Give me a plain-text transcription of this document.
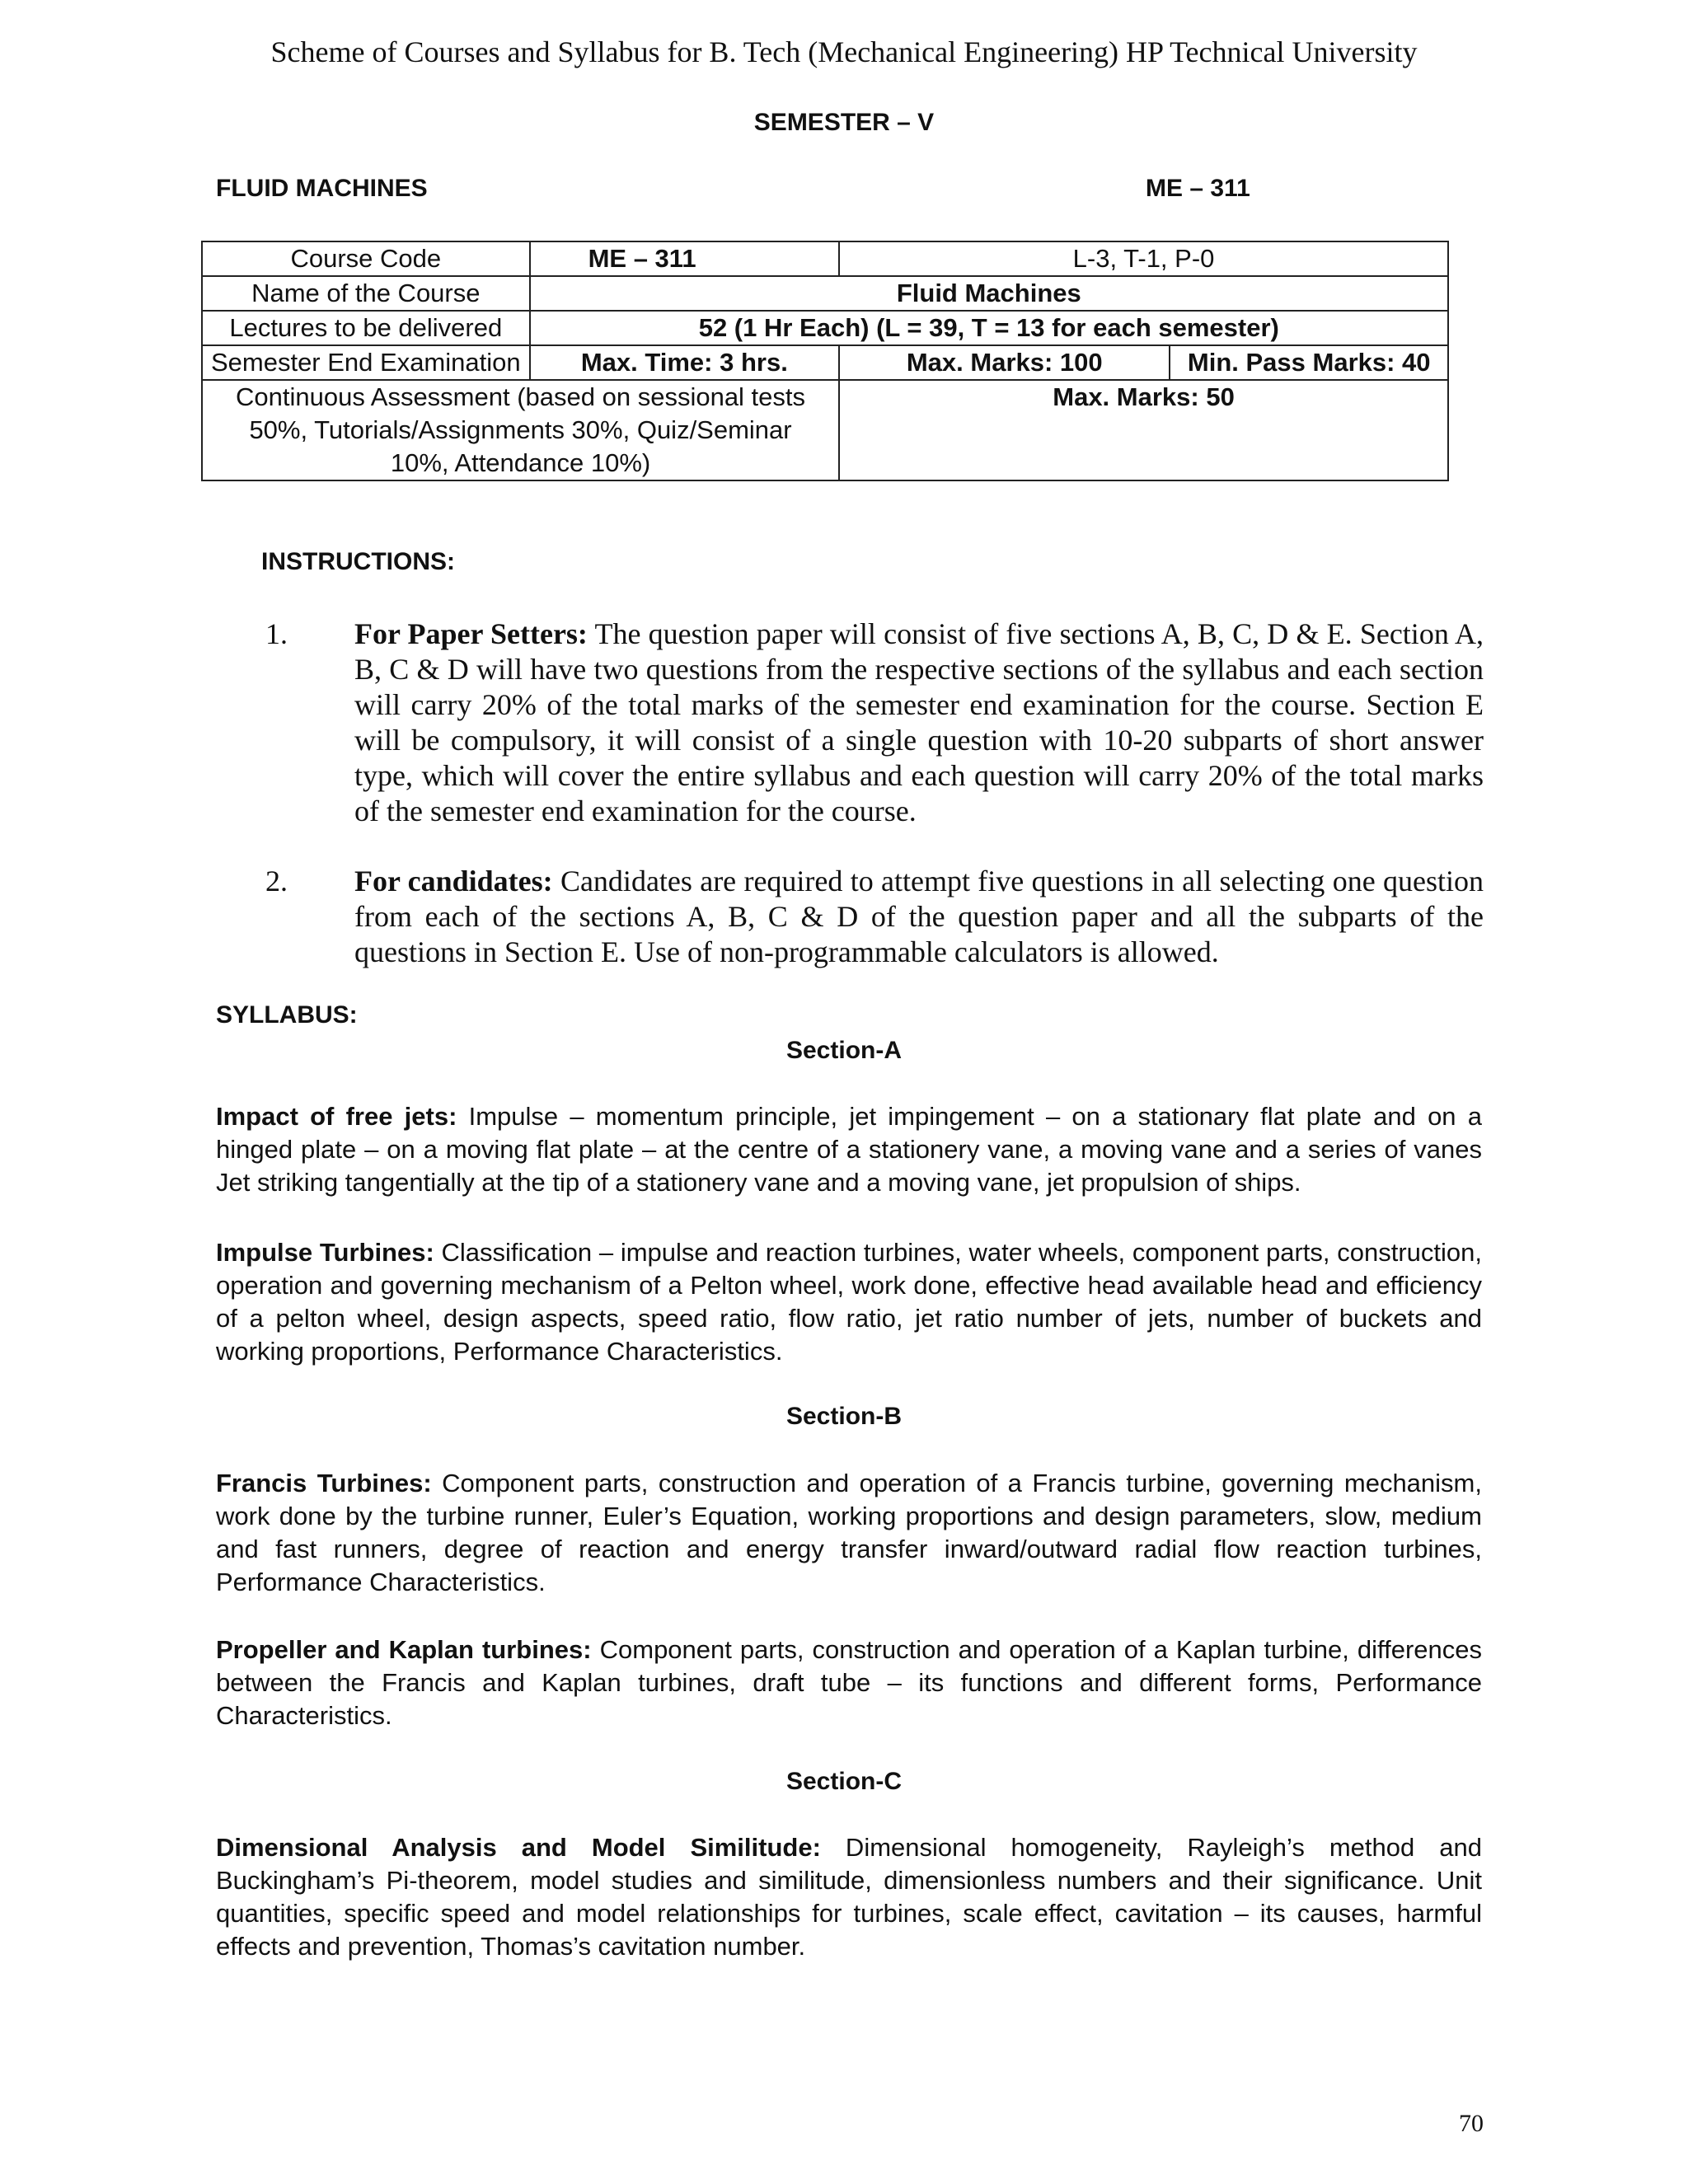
Scheme of Courses and Syllabus for B. Tech (Mechanical Engineering) HP Technical University
SEMESTER – V
FLUID MACHINES	ME – 311
Course Code	ME – 311	L-3, T-1, P-0	
Name of the Course	Fluid Machines		
Lectures to be delivered	52 (1 Hr Each) (L = 39, T = 13 for each semester)		
Semester End Examination	Max. Time: 3 hrs.	Max. Marks: 100	Min. Pass Marks: 40
Continuous Assessment (based on sessional tests 50%, Tutorials/Assignments 30%, Quiz/Seminar 10%, Attendance 10%)		Max. Marks: 50	
INSTRUCTIONS:
1. For Paper Setters: The question paper will consist of five sections A, B, C, D & E. Section A, B, C & D will have two questions from the respective sections of the syllabus and each section will carry 20% of the total marks of the semester end examination for the course. Section E will be compulsory, it will consist of a single question with 10-20 subparts of short answer type, which will cover the entire syllabus and each question will carry 20% of the total marks of the semester end examination for the course.
2. For candidates: Candidates are required to attempt five questions in all selecting one question from each of the sections A, B, C & D of the question paper and all the subparts of the questions in Section E. Use of non-programmable calculators is allowed.
SYLLABUS:
Section-A
Impact of free jets: Impulse – momentum principle, jet impingement – on a stationary flat plate and on a hinged plate – on a moving flat plate – at the centre of a stationery vane, a moving vane and a series of vanes Jet striking tangentially at the tip of a stationery vane and a moving vane, jet propulsion of ships.
Impulse Turbines: Classification – impulse and reaction turbines, water wheels, component parts, construction, operation and governing mechanism of a Pelton wheel, work done, effective head available head and efficiency of a pelton wheel, design aspects, speed ratio, flow ratio, jet ratio number of jets, number of buckets and working proportions, Performance Characteristics.
Section-B
Francis Turbines: Component parts, construction and operation of a Francis turbine, governing mechanism, work done by the turbine runner, Euler’s Equation, working proportions and design parameters, slow, medium and fast runners, degree of reaction and energy transfer inward/outward radial flow reaction turbines, Performance Characteristics.
Propeller and Kaplan turbines: Component parts, construction and operation of a Kaplan turbine, differences between the Francis and Kaplan turbines, draft tube – its functions and different forms, Performance Characteristics.
Section-C
Dimensional Analysis and Model Similitude: Dimensional homogeneity, Rayleigh’s method and Buckingham’s Pi-theorem, model studies and similitude, dimensionless numbers and their significance. Unit quantities, specific speed and model relationships for turbines, scale effect, cavitation – its causes, harmful effects and prevention, Thomas’s cavitation number.
70
